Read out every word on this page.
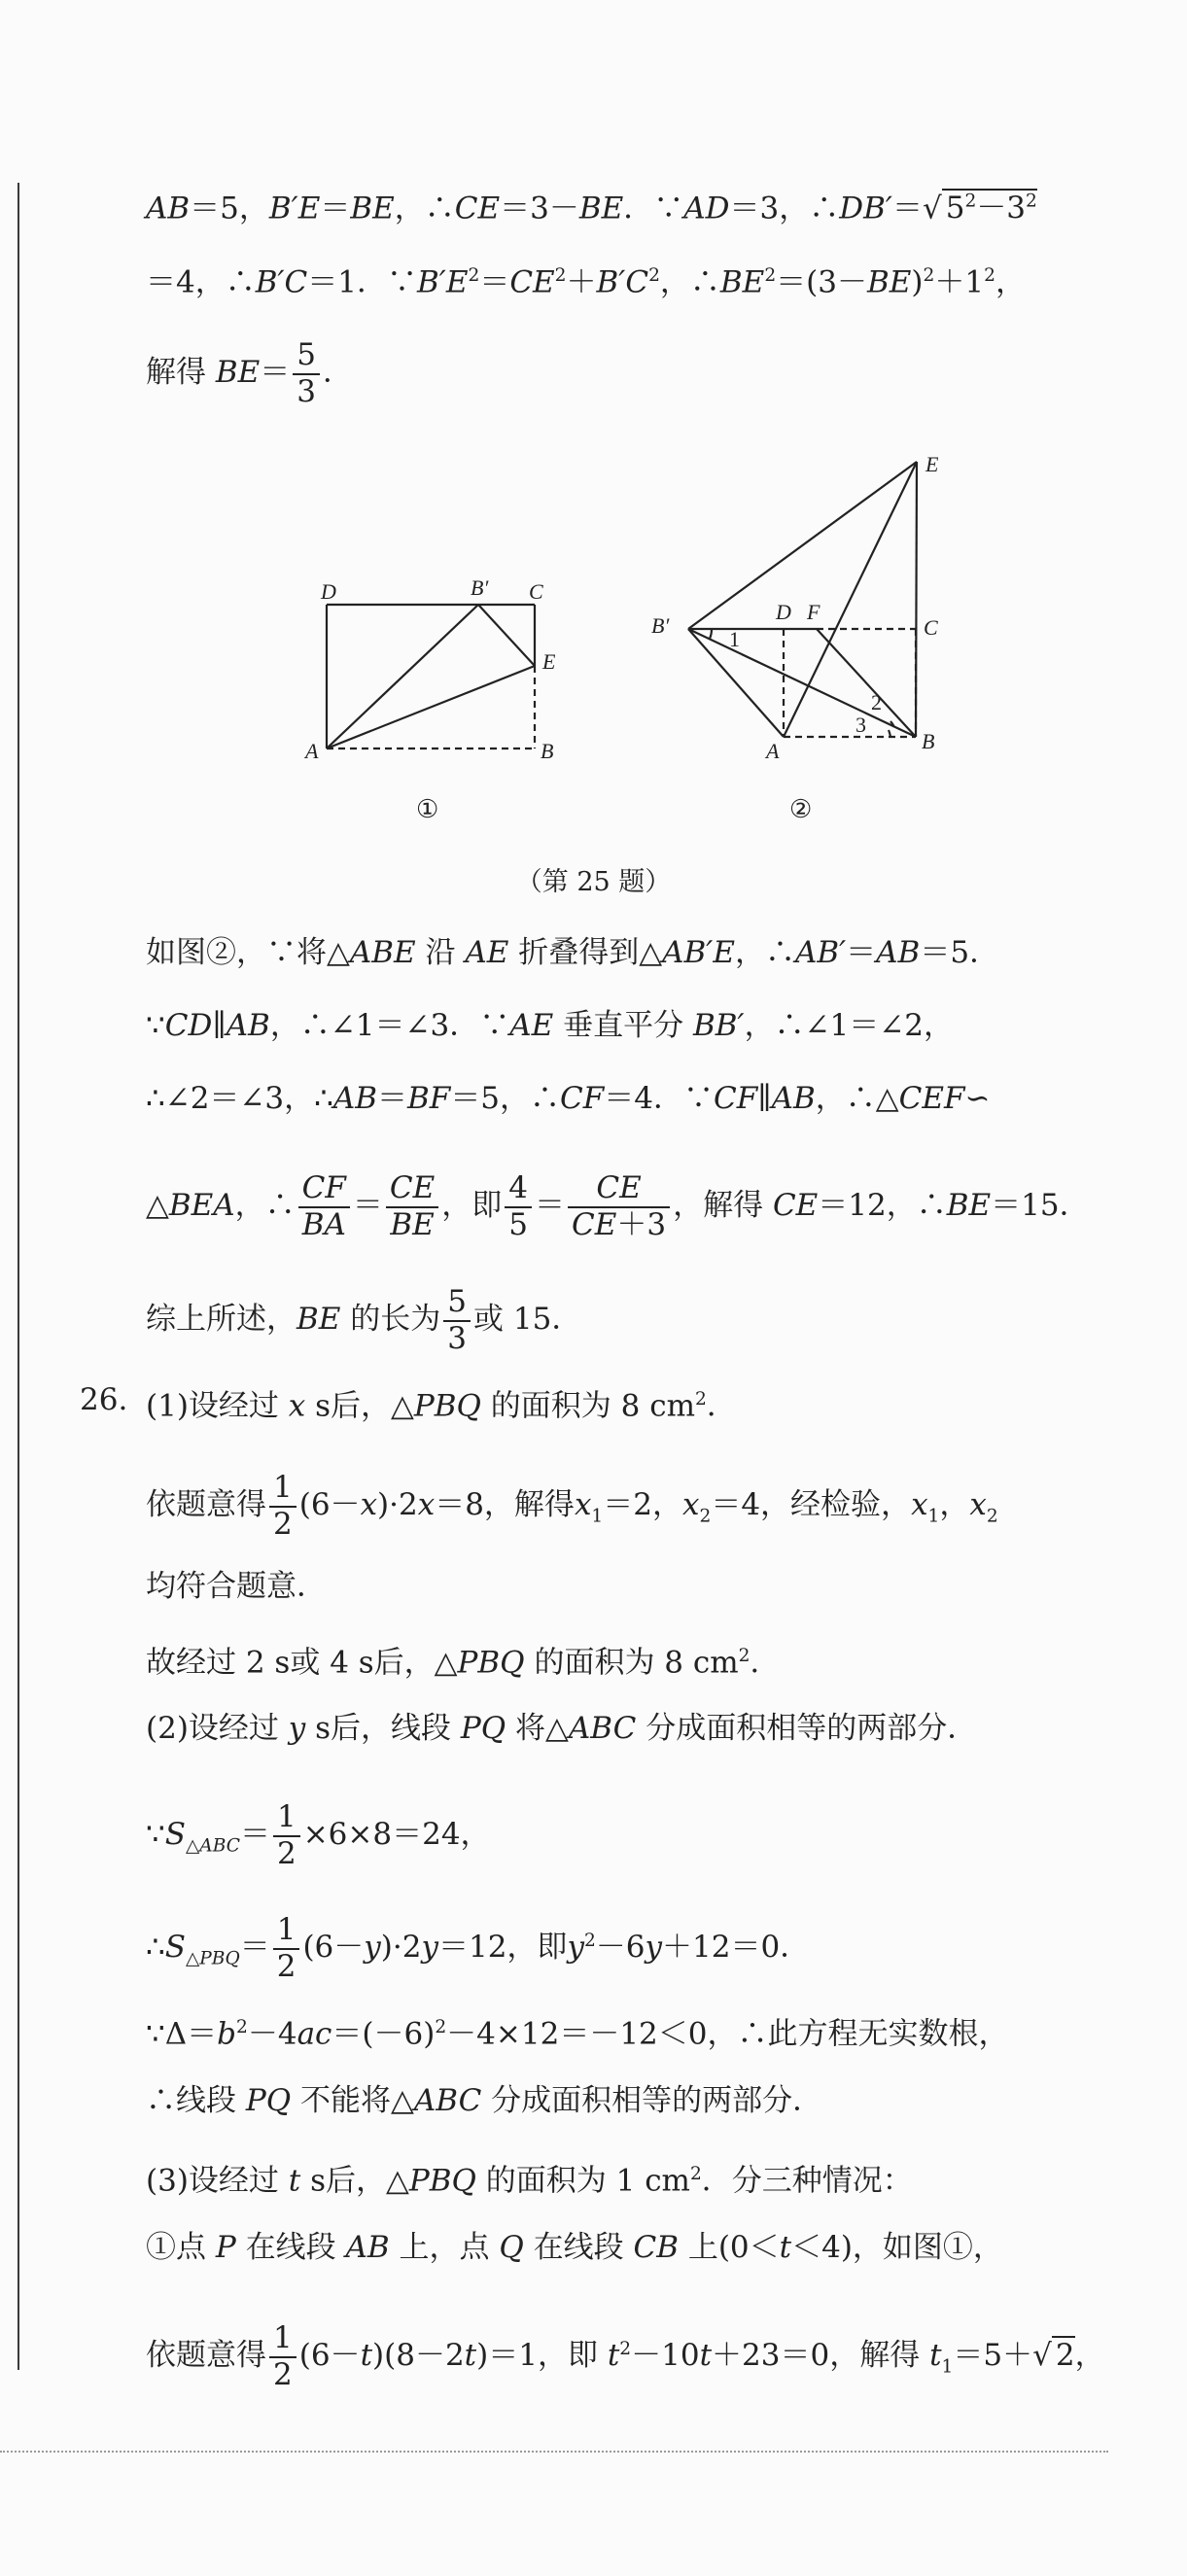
AB＝5，B′E＝BE，∴CE＝3－BE．∵AD＝3，∴DB′＝√ $5^2-3^2$
＝4，∴B′C＝1．$\because B'E^2=CE^2+B'C^2$，$\therefore BE^2=(3-BE)^2+1^2$，
解得 $BE= \frac{5}{3}$ ．
D	B′ C
E
A	B
①
E
B′
D F
C
1
2
3
A	B
②
（第 25 题）
如图②，∵将△ABE 沿 AE 折叠得到△AB′E，∴AB′＝AB＝5．
∵CD∥AB，∴∠1＝∠3．∵AE 垂直平分 BB′，∴∠1＝∠2，
∴∠2＝∠3，∴AB＝BF＝5，∴CF＝4．∵CF∥AB，∴△CEF∽
△BEA，∴ $\frac{CF}{BA} = \frac{CE}{BE}$ ，即 $\frac{4}{5} = \frac{CE}{CE+3}$ ，解得 CE＝12，∴BE＝15．
综上所述，BE 的长为 $\frac{5}{3}$ 或 15．
26. (1)设经过 x s后，△PBQ 的面积为 8 $cm^2$．
依题意得 $\frac{1}{2} (6-x)\cdot 2x=8$，解得$x_1=2$，$x_2=4$，经检验，$x_1$，$x_2$
均符合题意．
故经过 2 s或 4 s后，△PBQ 的面积为 8 $cm^2$．
(2)设经过 y s后，线段 PQ 将△ABC 分成面积相等的两部分．
$\because S_{\triangle ABC}= \frac{1}{2} \times 6\times 8=24$，
$\therefore S_{\triangle PBQ}= \frac{1}{2} (6-y)\cdot 2y=12$，即$y^2-6y+12=0$．
$\because\Delta=b^2-4ac=(-6)^2-4\times 12=-12<0$，∴此方程无实数根，
∴线段 PQ 不能将△ABC 分成面积相等的两部分．
(3)设经过 t s后，△PBQ 的面积为 1 $cm^2$．分三种情况：
①点 P 在线段 AB 上，点 Q 在线段 CB 上(0＜t＜4)，如图①，
依题意得 $\frac{1}{2} (6-t)(8-2t)=1$，即 $t^2-10t+23=0$，解得 $t_1=5+√$ 2，
